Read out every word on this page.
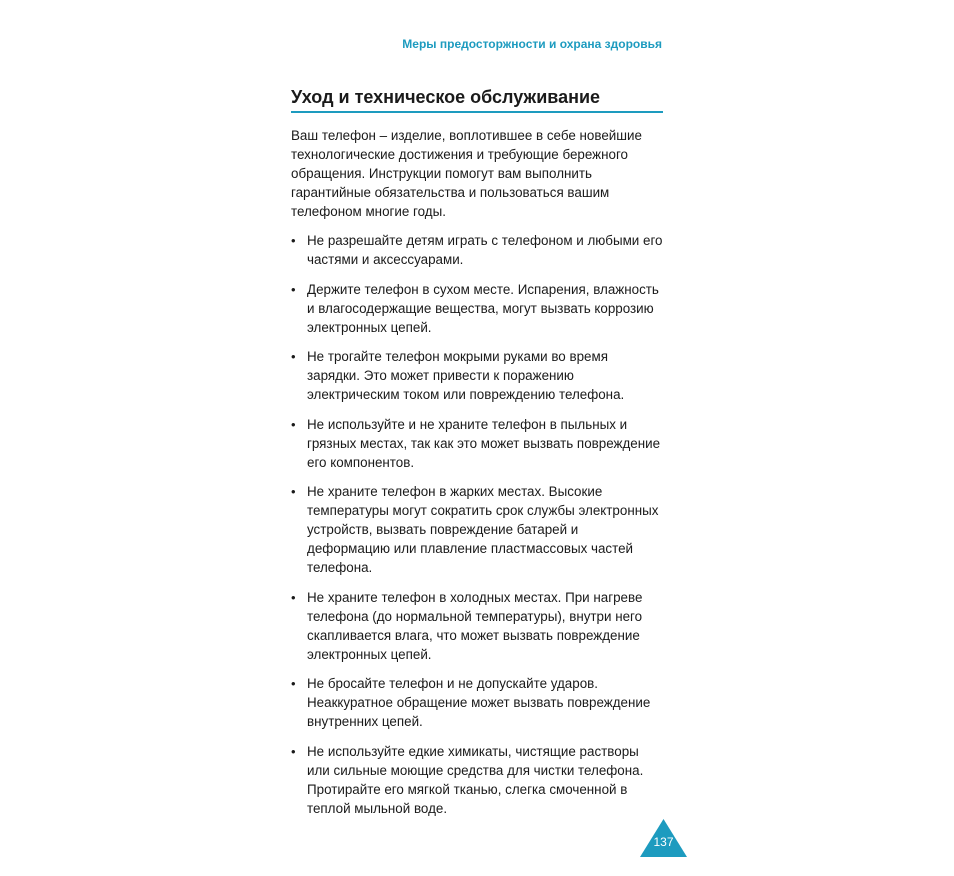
Меры предосторжности и охрана здоровья
Уход и техническое обслуживание

Ваш телефон – изделие, воплотившее в себе новейшие технологические достижения и требующие бережного обращения. Инструкции помогут вам выполнить гарантийные обязательства и пользоваться вашим телефоном многие годы.

• Не разрешайте детям играть с телефоном и любыми его частями и аксессуарами.
• Держите телефон в сухом месте. Испарения, влажность и влагосодержащие вещества, могут вызвать коррозию электронных цепей.
• Не трогайте телефон мокрыми руками во время зарядки. Это может привести к поражению электрическим током или повреждению телефона.
• Не используйте и не храните телефон в пыльных и грязных местах, так как это может вызвать повреждение его компонентов.
• Не храните телефон в жарких местах. Высокие температуры могут сократить срок службы электронных устройств, вызвать повреждение батарей и деформацию или плавление пластмассовых частей телефона.
• Не храните телефон в холодных местах. При нагреве телефона (до нормальной температуры), внутри него скапливается влага, что может вызвать повреждение электронных цепей.
• Не бросайте телефон и не допускайте ударов. Неаккуратное обращение может вызвать повреждение внутренних цепей.
• Не используйте едкие химикаты, чистящие растворы или сильные моющие средства для чистки телефона. Протирайте его мягкой тканью, слегка смоченной в теплой мыльной воде.
137
